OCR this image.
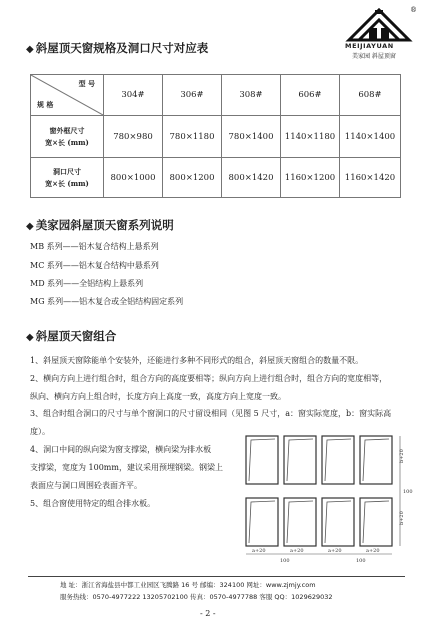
®
MEIJIAYUAN
美家园 斜屋顶窗
◆ 斜屋顶天窗规格及洞口尺寸对应表
型 号
规 格	304#	306#	308#	606#	608#
窗外框尺寸
宽×长 (mm)	780×980	780×1180	780×1400	1140×1180	1140×1400
洞口尺寸
宽×长 (mm)	800×1000	800×1200	800×1420	1160×1200	1160×1420
◆ 美家园斜屋顶天窗系列说明
MB 系列——铝木复合结构上悬系列
MC 系列——铝木复合结构中悬系列
MD 系列——全铝结构上悬系列
MG 系列——铝木复合或全铝结构固定系列
◆ 斜屋顶天窗组合
1、斜屋顶天窗除能单个安装外，还能进行多种不同形式的组合，斜屋顶天窗组合的数量不限。
2、横向方向上进行组合时，组合方向的高度要相等；纵向方向上进行组合时，组合方向的宽度相等，
纵向、横向方向上组合时，长度方向上高度一致，高度方向上宽度一致。
3、组合时组合洞口的尺寸与单个窗洞口的尺寸留设相同（见图 5 尺寸，a：窗实际宽度，b：窗实际高
度）。
4、洞口中间的纵向梁为窗支撑梁，横向梁为排水板
支撑梁，宽度为 100mm，建议采用预埋钢梁。钢梁上
表面应与洞口周围砼表面齐平。
5、组合窗使用特定的组合排水板。
b+20
100
b+20
a+20	a+20	a+20	a+20
100	100
地 址：浙江省海盐县中都工业园区飞腾路 16 号 邮编：324100 网址：www.zjmjy.com
服务热线：0570-4977222 13205702100 传真：0570-4977788 客服 QQ：1029629032
- 2 -
